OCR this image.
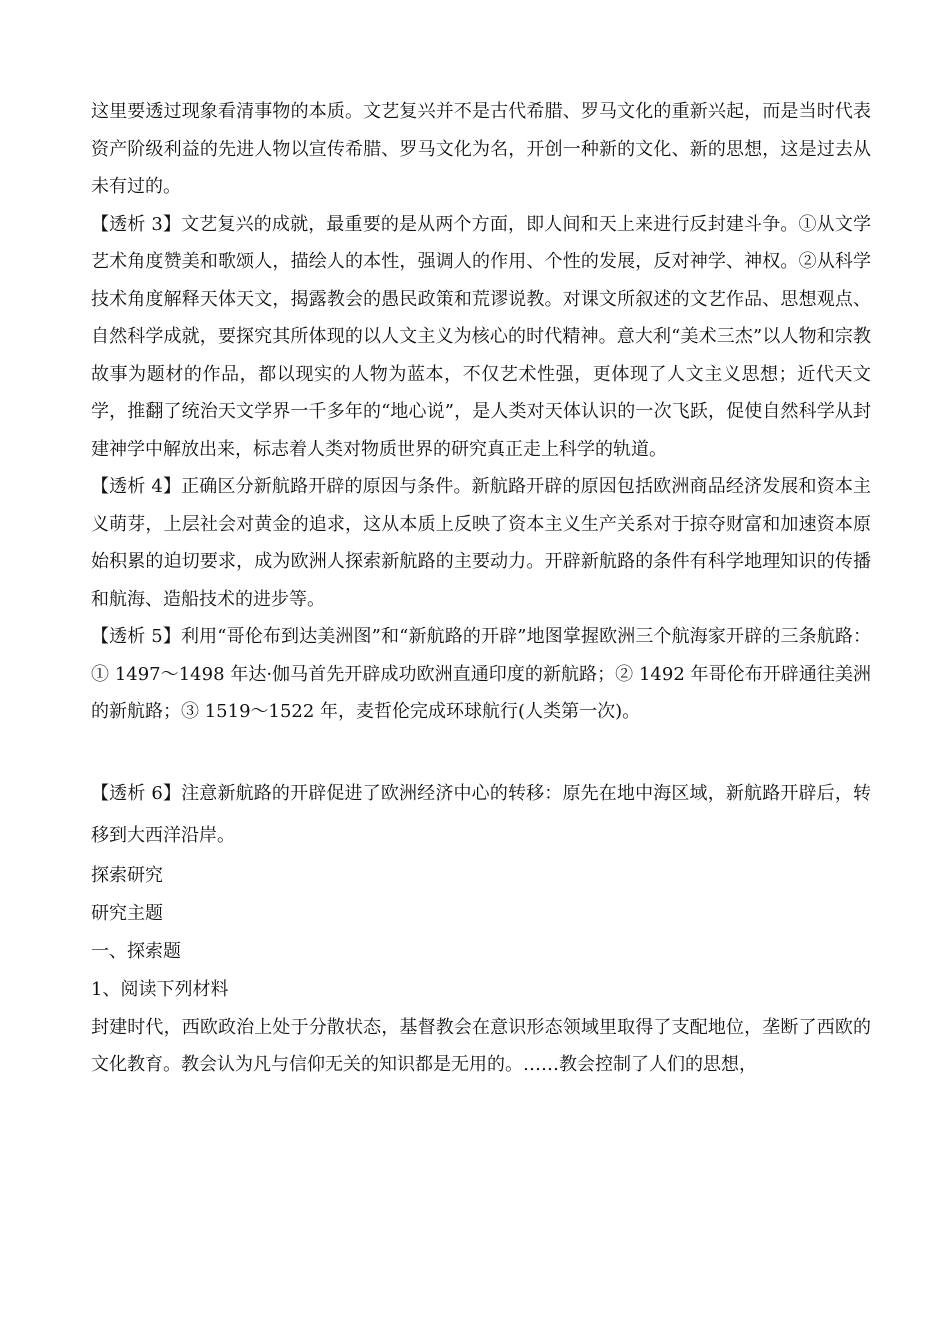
这里要透过现象看清事物的本质。文艺复兴并不是古代希腊、罗马文化的重新兴起，而是当时代表资产阶级利益的先进人物以宣传希腊、罗马文化为名，开创一种新的文化、新的思想，这是过去从未有过的。

【透析 3】文艺复兴的成就，最重要的是从两个方面，即人间和天上来进行反封建斗争。①从文学艺术角度赞美和歌颂人，描绘人的本性，强调人的作用、个性的发展，反对神学、神权。②从科学技术角度解释天体天文，揭露教会的愚民政策和荒谬说教。对课文所叙述的文艺作品、思想观点、自然科学成就，要探究其所体现的以人文主义为核心的时代精神。意大利“美术三杰”以人物和宗教故事为题材的作品，都以现实的人物为蓝本，不仅艺术性强，更体现了人文主义思想；近代天文学，推翻了统治天文学界一千多年的“地心说”，是人类对天体认识的一次飞跃，促使自然科学从封建神学中解放出来，标志着人类对物质世界的研究真正走上科学的轨道。

【透析 4】正确区分新航路开辟的原因与条件。新航路开辟的原因包括欧洲商品经济发展和资本主义萌芽，上层社会对黄金的追求，这从本质上反映了资本主义生产关系对于掠夺财富和加速资本原始积累的迫切要求，成为欧洲人探索新航路的主要动力。开辟新航路的条件有科学地理知识的传播和航海、造船技术的进步等。

【透析 5】利用“哥伦布到达美洲图”和“新航路的开辟”地图掌握欧洲三个航海家开辟的三条航路：① 1497～1498 年达·伽马首先开辟成功欧洲直通印度的新航路；② 1492 年哥伦布开辟通往美洲的新航路；③ 1519～1522 年，麦哲伦完成环球航行(人类第一次)。

【透析 6】注意新航路的开辟促进了欧洲经济中心的转移：原先在地中海区域，新航路开辟后，转移到大西洋沿岸。

探索研究

研究主题

一、探索题

1、阅读下列材料

封建时代，西欧政治上处于分散状态，基督教会在意识形态领域里取得了支配地位，垄断了西欧的文化教育。教会认为凡与信仰无关的知识都是无用的。……教会控制了人们的思想，
